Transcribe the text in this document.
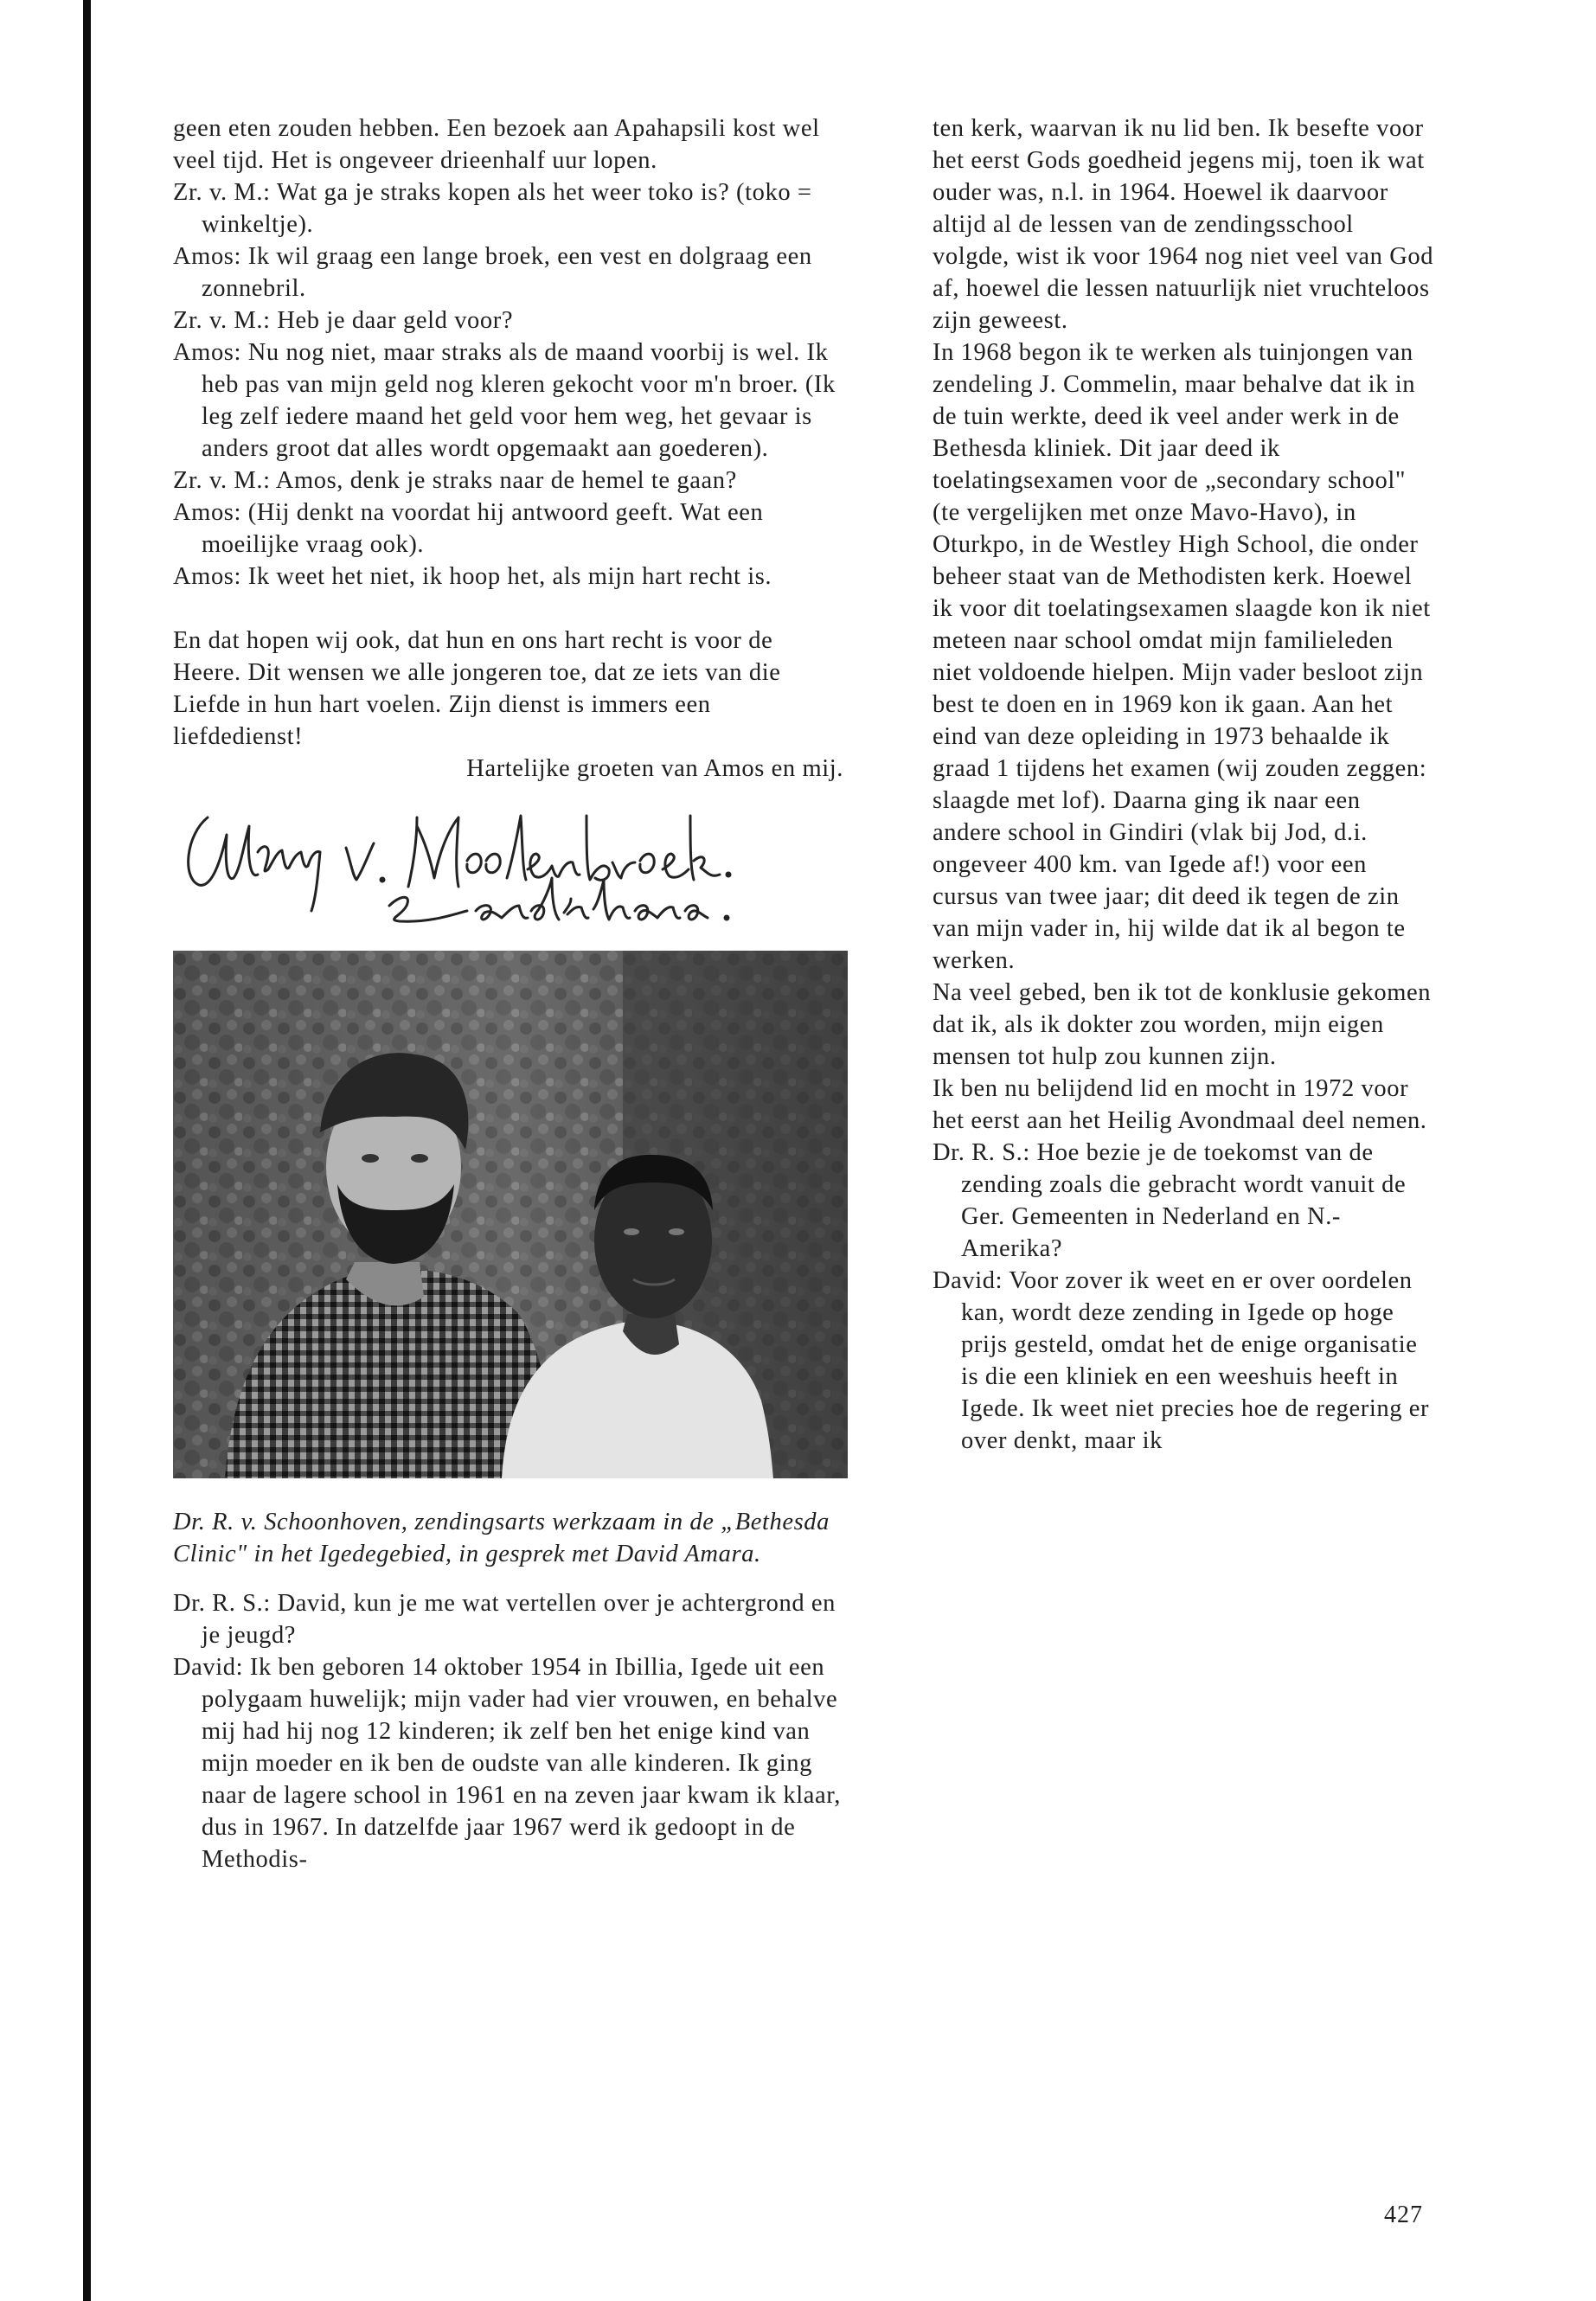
geen eten zouden hebben. Een bezoek aan Apahapsili kost wel veel tijd. Het is ongeveer drieenhalf uur lopen.

Zr. v. M.: Wat ga je straks kopen als het weer toko is? (toko = winkeltje).

Amos: Ik wil graag een lange broek, een vest en dolgraag een zonnebril.

Zr. v. M.: Heb je daar geld voor?

Amos: Nu nog niet, maar straks als de maand voorbij is wel. Ik heb pas van mijn geld nog kleren gekocht voor m'n broer. (Ik leg zelf iedere maand het geld voor hem weg, het gevaar is anders groot dat alles wordt opgemaakt aan goederen).

Zr. v. M.: Amos, denk je straks naar de hemel te gaan?

Amos: (Hij denkt na voordat hij antwoord geeft. Wat een moeilijke vraag ook).

Amos: Ik weet het niet, ik hoop het, als mijn hart recht is.

En dat hopen wij ook, dat hun en ons hart recht is voor de Heere. Dit wensen we alle jongeren toe, dat ze iets van die Liefde in hun hart voelen. Zijn dienst is immers een liefdedienst!

Hartelijke groeten van Amos en mij.

Dr. R. v. Schoonhoven, zendingsarts werkzaam in de „Bethesda Clinic" in het Igedegebied, in gesprek met David Amara.

Dr. R. S.: David, kun je me wat vertellen over je achtergrond en je jeugd?

David: Ik ben geboren 14 oktober 1954 in Ibillia, Igede uit een polygaam huwelijk; mijn vader had vier vrouwen, en behalve mij had hij nog 12 kinderen; ik zelf ben het enige kind van mijn moeder en ik ben de oudste van alle kinderen. Ik ging naar de lagere school in 1961 en na zeven jaar kwam ik klaar, dus in 1967. In datzelfde jaar 1967 werd ik gedoopt in de Methodis-

ten kerk, waarvan ik nu lid ben. Ik besefte voor het eerst Gods goedheid jegens mij, toen ik wat ouder was, n.l. in 1964. Hoewel ik daarvoor altijd al de lessen van de zendingsschool volgde, wist ik voor 1964 nog niet veel van God af, hoewel die lessen natuurlijk niet vruchteloos zijn geweest.

In 1968 begon ik te werken als tuinjongen van zendeling J. Commelin, maar behalve dat ik in de tuin werkte, deed ik veel ander werk in de Bethesda kliniek. Dit jaar deed ik toelatingsexamen voor de „secondary school" (te vergelijken met onze Mavo-Havo), in Oturkpo, in de Westley High School, die onder beheer staat van de Methodisten kerk. Hoewel ik voor dit toelatingsexamen slaagde kon ik niet meteen naar school omdat mijn familieleden niet voldoende hielpen. Mijn vader besloot zijn best te doen en in 1969 kon ik gaan. Aan het eind van deze opleiding in 1973 behaalde ik graad 1 tijdens het examen (wij zouden zeggen: slaagde met lof). Daarna ging ik naar een andere school in Gindiri (vlak bij Jod, d.i. ongeveer 400 km. van Igede af!) voor een cursus van twee jaar; dit deed ik tegen de zin van mijn vader in, hij wilde dat ik al begon te werken.

Na veel gebed, ben ik tot de konklusie gekomen dat ik, als ik dokter zou worden, mijn eigen mensen tot hulp zou kunnen zijn.

Ik ben nu belijdend lid en mocht in 1972 voor het eerst aan het Heilig Avondmaal deel nemen.

Dr. R. S.: Hoe bezie je de toekomst van de zending zoals die gebracht wordt vanuit de Ger. Gemeenten in Nederland en N.-Amerika?

David: Voor zover ik weet en er over oordelen kan, wordt deze zending in Igede op hoge prijs gesteld, omdat het de enige organisatie is die een kliniek en een weeshuis heeft in Igede. Ik weet niet precies hoe de regering er over denkt, maar ik

427
